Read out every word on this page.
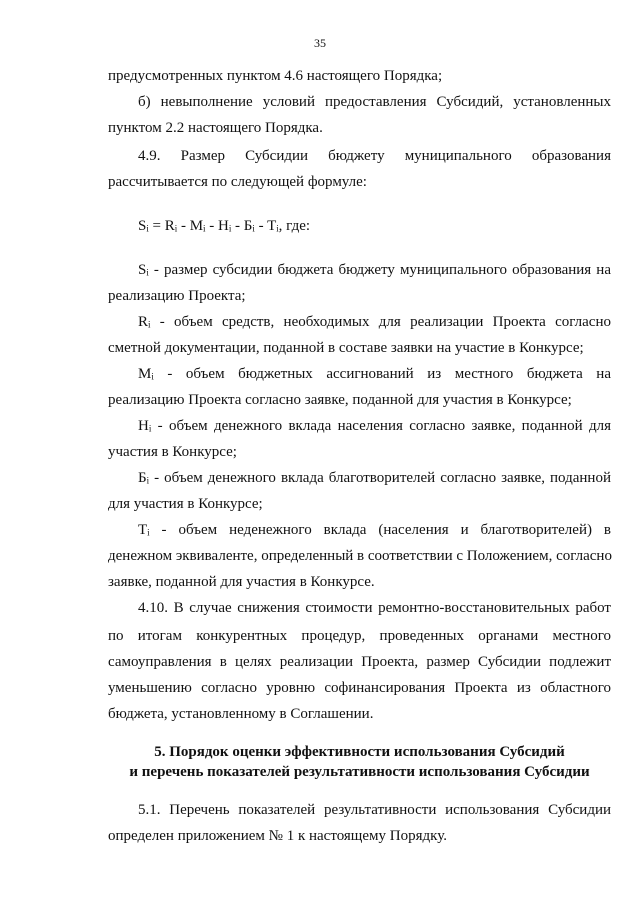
35
предусмотренных пунктом 4.6 настоящего Порядка;
б) невыполнение условий предоставления Субсидий, установленных
пунктом 2.2 настоящего Порядка.
4.9. Размер Субсидии бюджету муниципального образования
рассчитывается по следующей формуле:
Sᵢ = Rᵢ - Mᵢ - Hᵢ - Бᵢ - Tᵢ, где:
Sᵢ - размер субсидии бюджета бюджету муниципального образования на
реализацию Проекта;
Rᵢ - объем средств, необходимых для реализации Проекта согласно
сметной документации, поданной в составе заявки на участие в Конкурсе;
Mᵢ - объем бюджетных ассигнований из местного бюджета на
реализацию Проекта согласно заявке, поданной для участия в Конкурсе;
Hᵢ - объем денежного вклада населения согласно заявке, поданной для
участия в Конкурсе;
Бᵢ - объем денежного вклада благотворителей согласно заявке, поданной
для участия в Конкурсе;
Tᵢ - объем неденежного вклада (населения и благотворителей) в
денежном эквиваленте, определенный в соответствии с Положением, согласно
заявке, поданной для участия в Конкурсе.
4.10. В случае снижения стоимости ремонтно-восстановительных работ
по итогам конкурентных процедур, проведенных органами местного
самоуправления в целях реализации Проекта, размер Субсидии подлежит
уменьшению согласно уровню софинансирования Проекта из областного
бюджета, установленному в Соглашении.
5. Порядок оценки эффективности использования Субсидий
и перечень показателей результативности использования Субсидии
5.1. Перечень показателей результативности использования Субсидии
определен приложением № 1 к настоящему Порядку.
